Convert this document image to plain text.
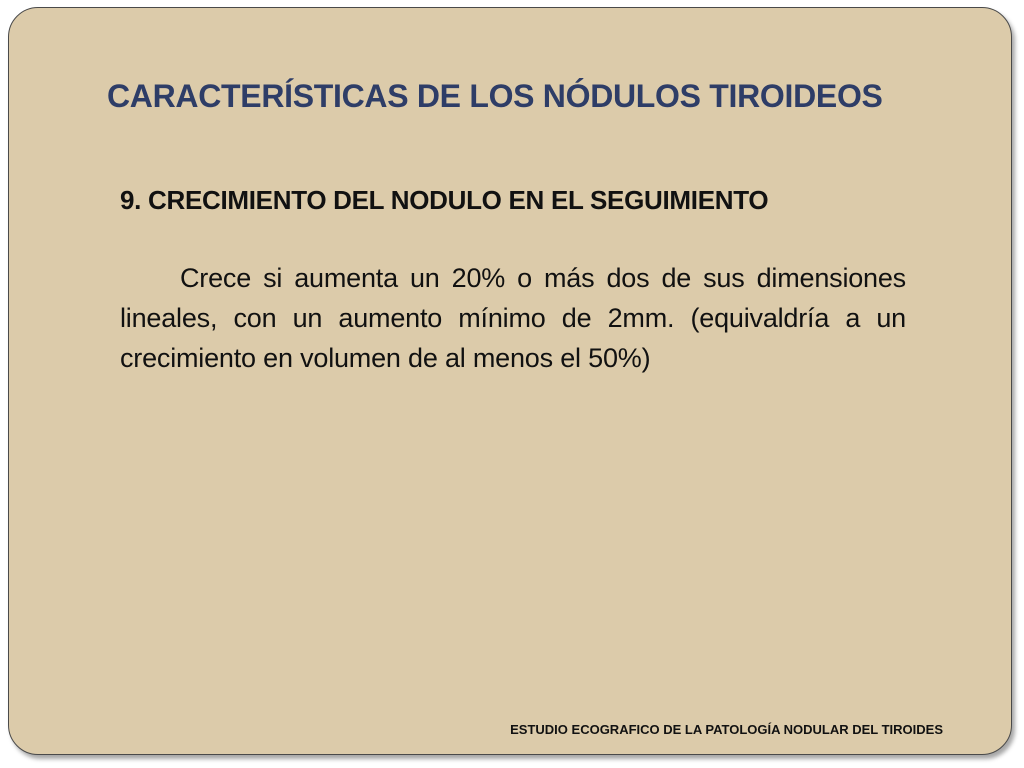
CARACTERÍSTICAS DE LOS NÓDULOS TIROIDEOS
9. CRECIMIENTO DEL NODULO EN EL SEGUIMIENTO

Crece si aumenta un 20% o más dos de sus dimensiones lineales, con un aumento mínimo de 2mm. (equivaldría a un crecimiento en volumen de al menos el 50%)

ESTUDIO ECOGRAFICO DE LA PATOLOGÍA NODULAR DEL TIROIDES
